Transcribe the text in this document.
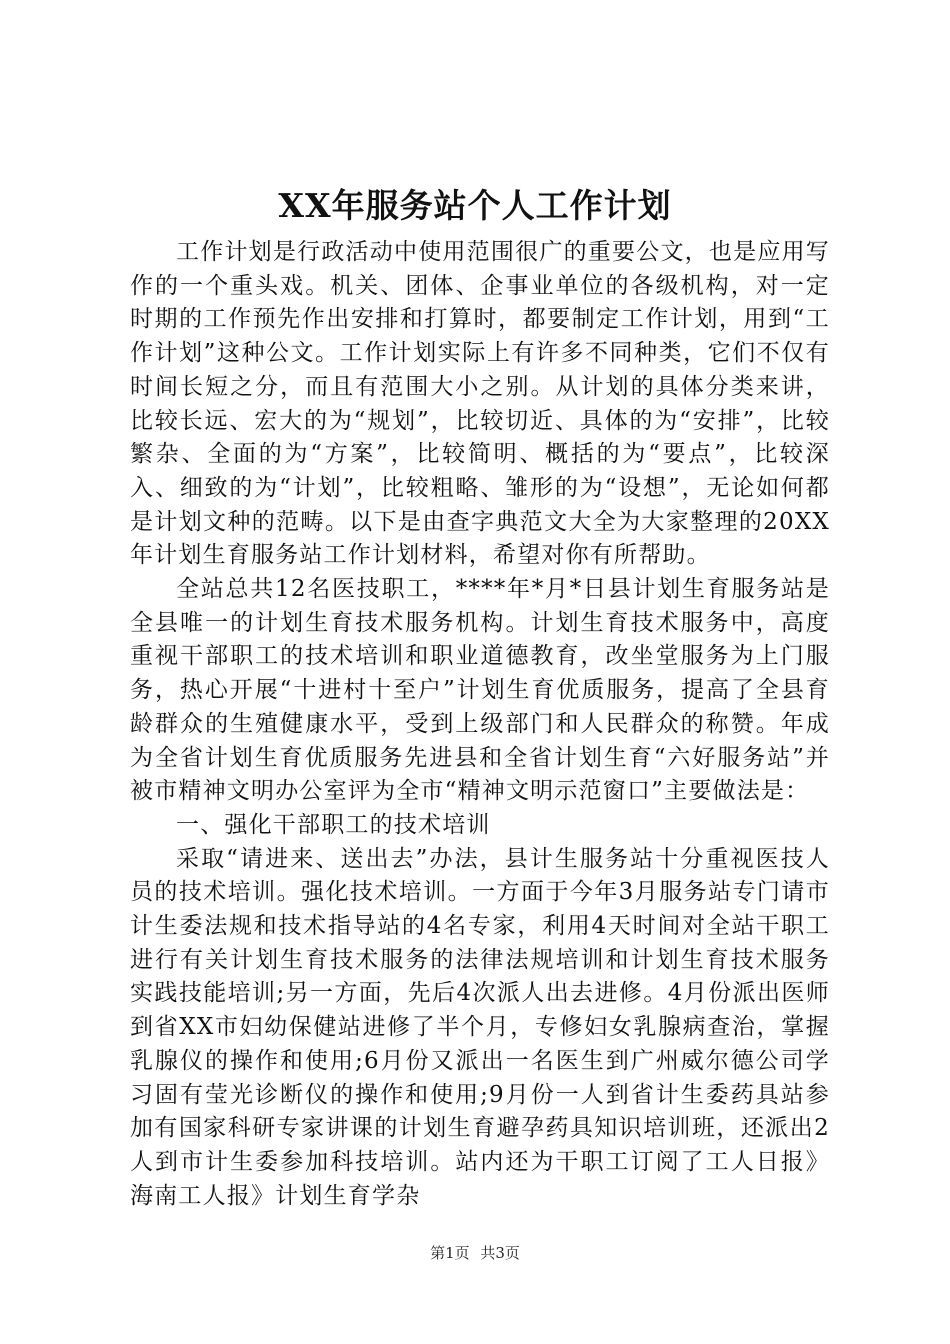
XX年服务站个人工作计划

工作计划是行政活动中使用范围很广的重要公文，也是应用写作的一个重头戏。机关、团体、企事业单位的各级机构，对一定时期的工作预先作出安排和打算时，都要制定工作计划，用到“工作计划”这种公文。工作计划实际上有许多不同种类，它们不仅有时间长短之分，而且有范围大小之别。从计划的具体分类来讲，比较长远、宏大的为“规划”，比较切近、具体的为“安排”，比较繁杂、全面的为“方案”，比较简明、概括的为“要点”，比较深入、细致的为“计划”，比较粗略、雏形的为“设想”，无论如何都是计划文种的范畴。以下是由查字典范文大全为大家整理的20XX年计划生育服务站工作计划材料，希望对你有所帮助。

全站总共12名医技职工，****年*月*日县计划生育服务站是全县唯一的计划生育技术服务机构。计划生育技术服务中，高度重视干部职工的技术培训和职业道德教育，改坐堂服务为上门服务，热心开展“十进村十至户”计划生育优质服务，提高了全县育龄群众的生殖健康水平，受到上级部门和人民群众的称赞。年成为全省计划生育优质服务先进县和全省计划生育“六好服务站”并被市精神文明办公室评为全市“精神文明示范窗口”主要做法是：

一、强化干部职工的技术培训

采取“请进来、送出去”办法，县计生服务站十分重视医技人员的技术培训。强化技术培训。一方面于今年3月服务站专门请市计生委法规和技术指导站的4名专家，利用4天时间对全站干职工进行有关计划生育技术服务的法律法规培训和计划生育技术服务实践技能培训;另一方面，先后4次派人出去进修。4月份派出医师到省XX市妇幼保健站进修了半个月，专修妇女乳腺病查治，掌握乳腺仪的操作和使用;6月份又派出一名医生到广州威尔德公司学习固有莹光诊断仪的操作和使用;9月份一人到省计生委药具站参加有国家科研专家讲课的计划生育避孕药具知识培训班，还派出2人到市计生委参加科技培训。站内还为干职工订阅了工人日报》海南工人报》计划生育学杂

第1页 共3页
